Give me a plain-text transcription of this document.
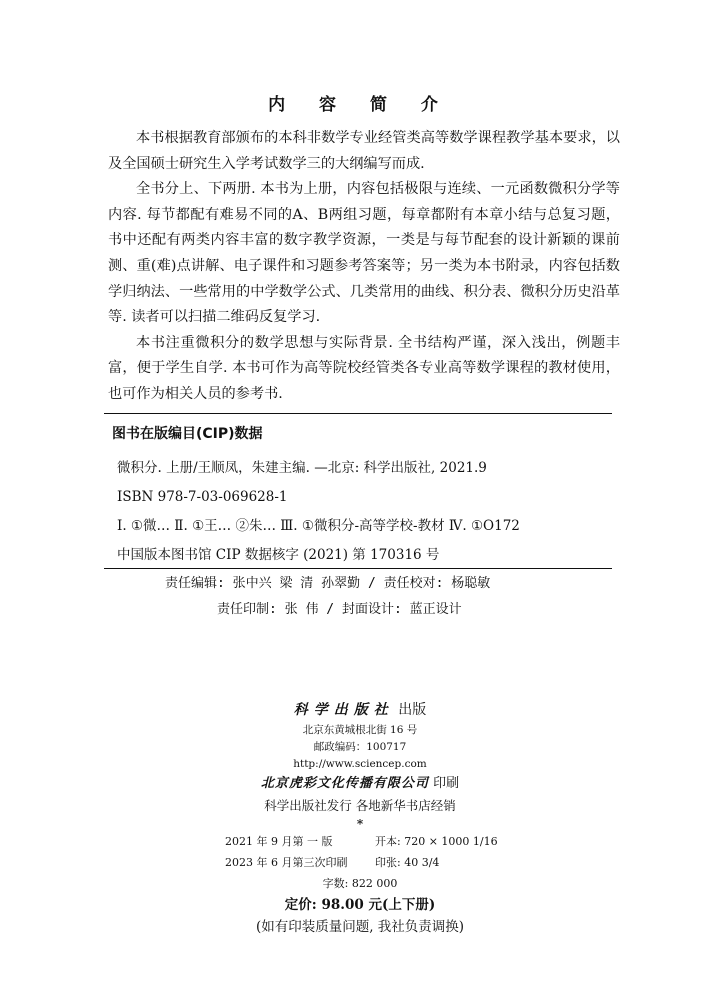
内 容 简 介

本书根据教育部颁布的本科非数学专业经管类高等数学课程教学基本要求，以及全国硕士研究生入学考试数学三的大纲编写而成.

全书分上、下两册. 本书为上册，内容包括极限与连续、一元函数微积分学等内容. 每节都配有难易不同的A、B两组习题，每章都附有本章小结与总复习题，书中还配有两类内容丰富的数字教学资源，一类是与每节配套的设计新颖的课前测、重(难)点讲解、电子课件和习题参考答案等；另一类为本书附录，内容包括数学归纳法、一些常用的中学数学公式、几类常用的曲线、积分表、微积分历史沿革等. 读者可以扫描二维码反复学习.

本书注重微积分的数学思想与实际背景. 全书结构严谨，深入浅出，例题丰富，便于学生自学. 本书可作为高等院校经管类各专业高等数学课程的教材使用，也可作为相关人员的参考书.

图书在版编目(CIP)数据
微积分. 上册/王顺凤，朱建主编. —北京: 科学出版社, 2021.9
ISBN 978-7-03-069628-1
Ⅰ. ①微… Ⅱ. ①王… ②朱… Ⅲ. ①微积分-高等学校-教材 Ⅳ. ①O172
中国版本图书馆 CIP 数据核字 (2021) 第 170316 号
责任编辑: 张中兴 梁 清 孙翠勤 / 责任校对: 杨聪敏
责任印制: 张 伟 / 封面设计: 蓝正设计
科学出版社 出版
北京东黄城根北街 16 号
邮政编码：100717
http://www.sciencep.com
北京虎彩文化传播有限公司 印刷
科学出版社发行 各地新华书店经销
*
2021 年 9 月第 一 版	开本: 720 × 1000 1/16
2023 年 6 月第三次印刷	印张: 40 3/4
字数: 822 000
定价: 98.00 元(上下册)
(如有印装质量问题, 我社负责调换)
